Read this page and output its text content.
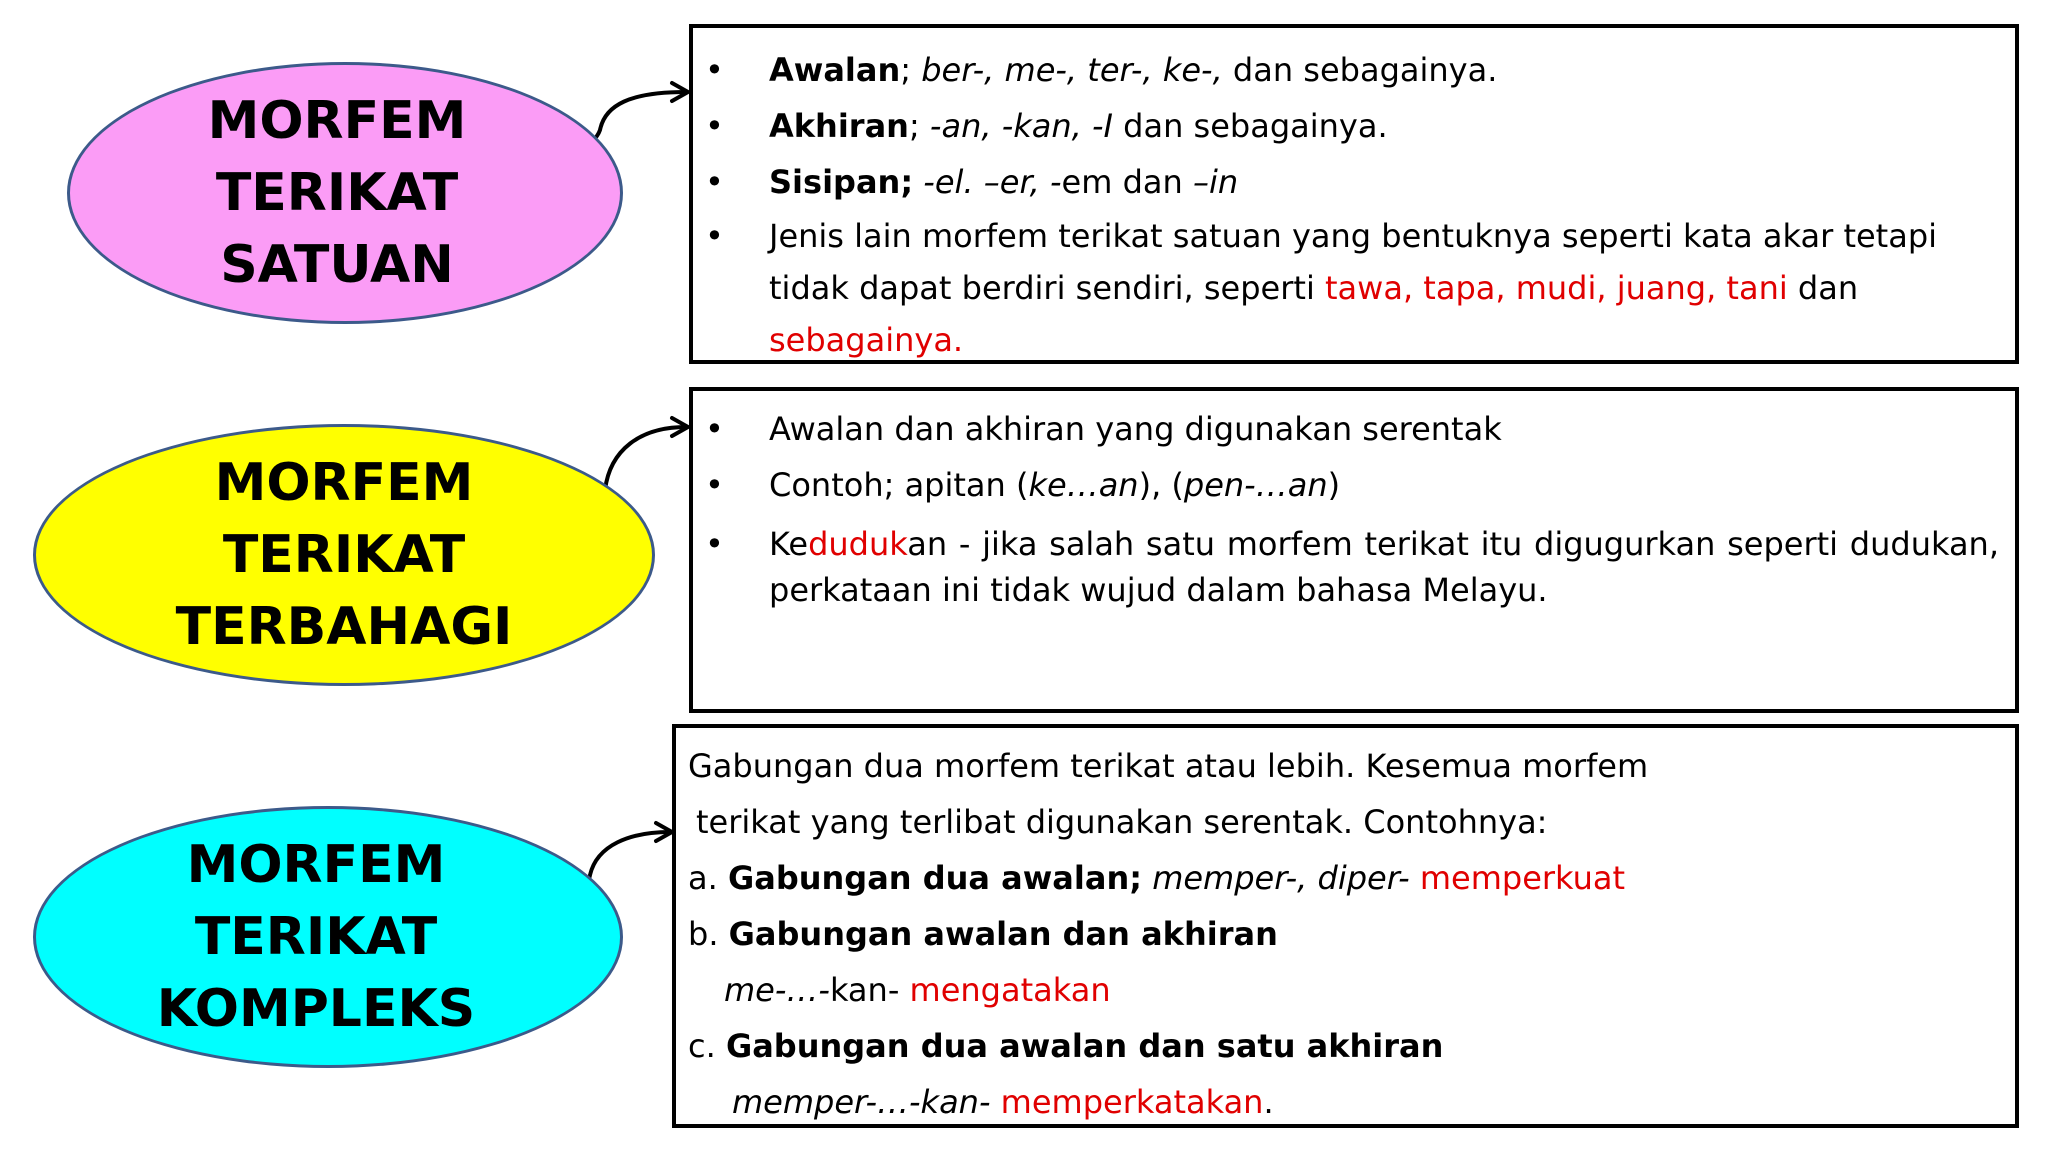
MORFEM
TERIKAT
SATUAN
MORFEM
TERIKAT
TERBAHAGI
MORFEM
TERIKAT
KOMPLEKS
• Awalan; ber-, me-, ter-, ke-, dan sebagainya.
• Akhiran; -an, -kan, -I dan sebagainya.
• Sisipan; -el. –er, -em dan –in
• Jenis lain morfem terikat satuan yang bentuknya seperti kata akar tetapi tidak dapat berdiri sendiri, seperti tawa, tapa, mudi, juang, tani dan sebagainya.
• Awalan dan akhiran yang digunakan serentak
• Contoh; apitan (ke…an), (pen-…an)
• Kedudukan - jika salah satu morfem terikat itu digugurkan seperti dudukan, perkataan ini tidak wujud dalam bahasa Melayu.
Gabungan dua morfem terikat atau lebih. Kesemua morfem
terikat yang terlibat digunakan serentak. Contohnya:
a. Gabungan dua awalan; memper-, diper- memperkuat
b. Gabungan awalan dan akhiran
me-…-kan- mengatakan
c. Gabungan dua awalan dan satu akhiran
memper-…-kan- memperkatakan.
